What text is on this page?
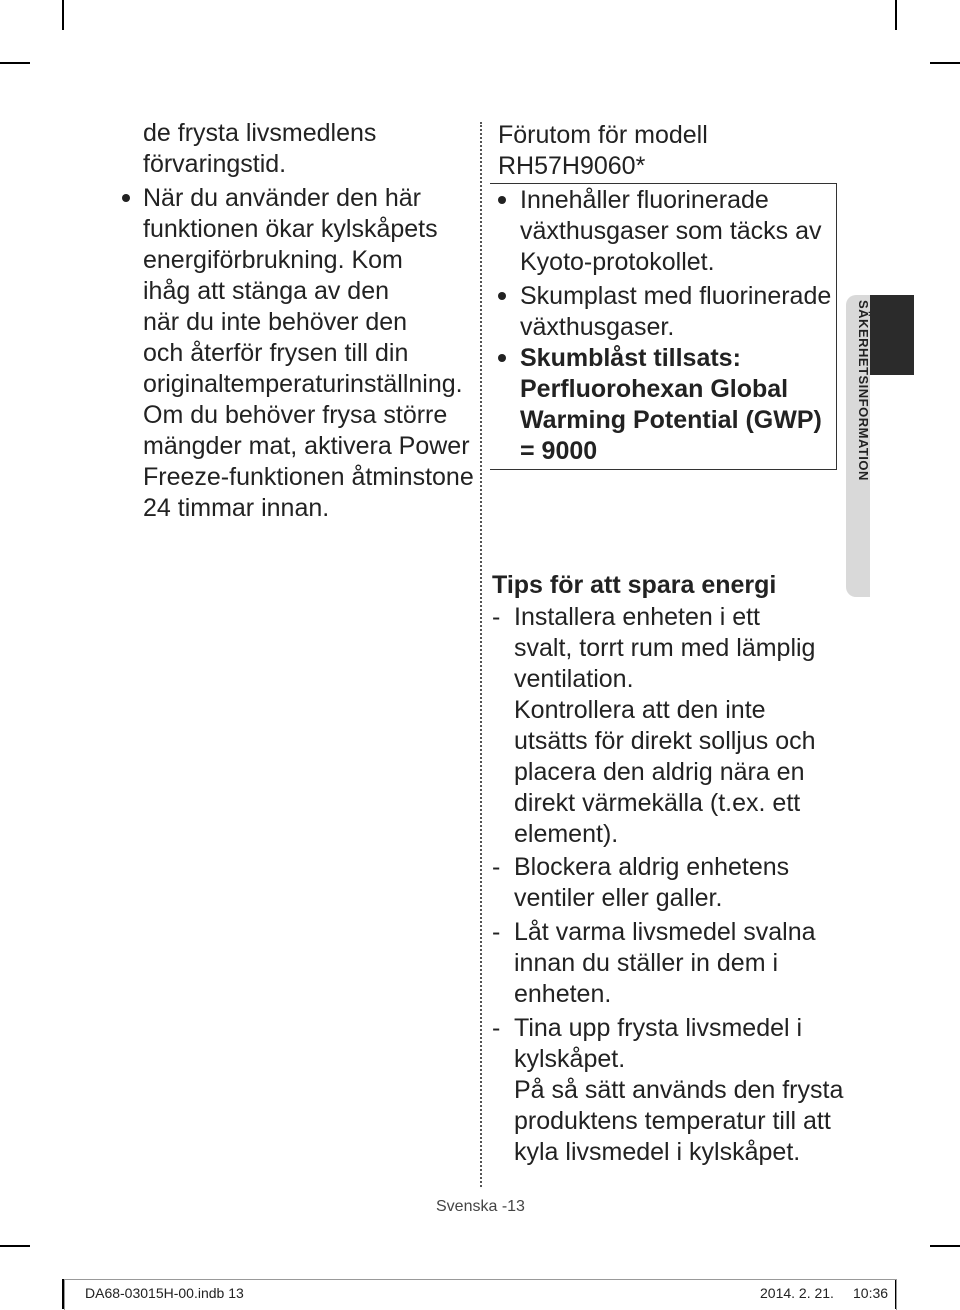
de frysta livsmedlens

förvaringstid.

När du använder den här

funktionen ökar kylskåpets

energiförbrukning. Kom

ihåg att stänga av den

när du inte behöver den

och återför frysen till din

originaltemperaturinställning.

Om du behöver frysa större

mängder mat, aktivera Power

Freeze-funktionen åtminstone

24 timmar innan.

Förutom för modell

RH57H9060*

Innehåller fluorinerade

växthusgaser som täcks av

Kyoto-protokollet.

Skumplast med fluorinerade

växthusgaser.

Skumblåst tillsats:

Perfluorohexan Global

Warming Potential (GWP)

= 9000	SÄKERHETSINFORMATION

Tips för att spara energi

- Installera enheten i ett

svalt, torrt rum med lämplig

ventilation.

Kontrollera att den inte

utsätts för direkt solljus och

placera den aldrig nära en

direkt värmekälla (t.ex. ett

element).

- Blockera aldrig enhetens

ventiler eller galler.

- Låt varma livsmedel svalna

innan du ställer in dem i

enheten.

- Tina upp frysta livsmedel i

kylskåpet.

På så sätt används den frysta

produktens temperatur till att

kyla livsmedel i kylskåpet.

Svenska -13
DA68-03015H-00.indb 13	2014. 2. 21. 10:36
